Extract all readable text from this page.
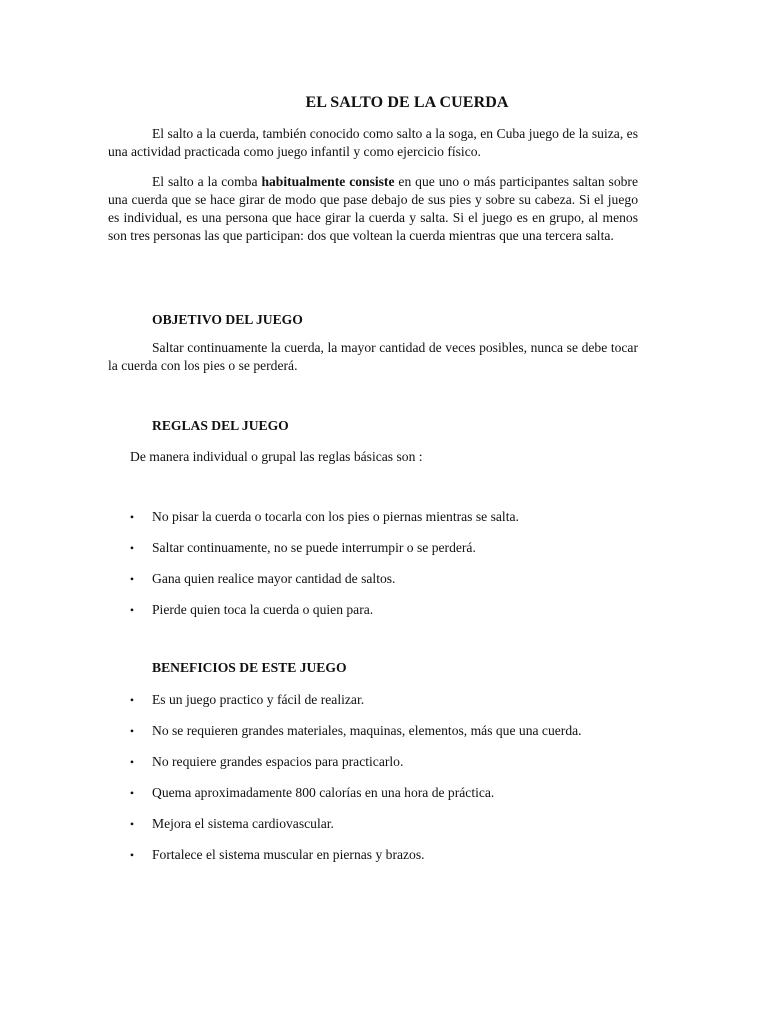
EL SALTO DE LA CUERDA

El salto a la cuerda, también conocido como salto a la soga, en Cuba juego de la suiza, es una actividad practicada como juego infantil y como ejercicio físico.

El salto a la comba habitualmente consiste en que uno o más participantes saltan sobre una cuerda que se hace girar de modo que pase debajo de sus pies y sobre su cabeza. Si el juego es individual, es una persona que hace girar la cuerda y salta. Si el juego es en grupo, al menos son tres personas las que participan: dos que voltean la cuerda mientras que una tercera salta.

OBJETIVO DEL JUEGO

Saltar continuamente la cuerda, la mayor cantidad de veces posibles, nunca se debe tocar la cuerda con los pies o se perderá.

REGLAS DEL JUEGO
De manera individual o grupal las reglas básicas son :
• No pisar la cuerda o tocarla con los pies o piernas mientras se salta.
• Saltar continuamente, no se puede interrumpir o se perderá.
• Gana quien realice mayor cantidad de saltos.
• Pierde quien toca la cuerda o quien para.
BENEFICIOS DE ESTE JUEGO
• Es un juego practico y fácil de realizar.
• No se requieren grandes materiales, maquinas, elementos, más que una cuerda.
• No requiere grandes espacios para practicarlo.
• Quema aproximadamente 800 calorías en una hora de práctica.
• Mejora el sistema cardiovascular.
• Fortalece el sistema muscular en piernas y brazos.
